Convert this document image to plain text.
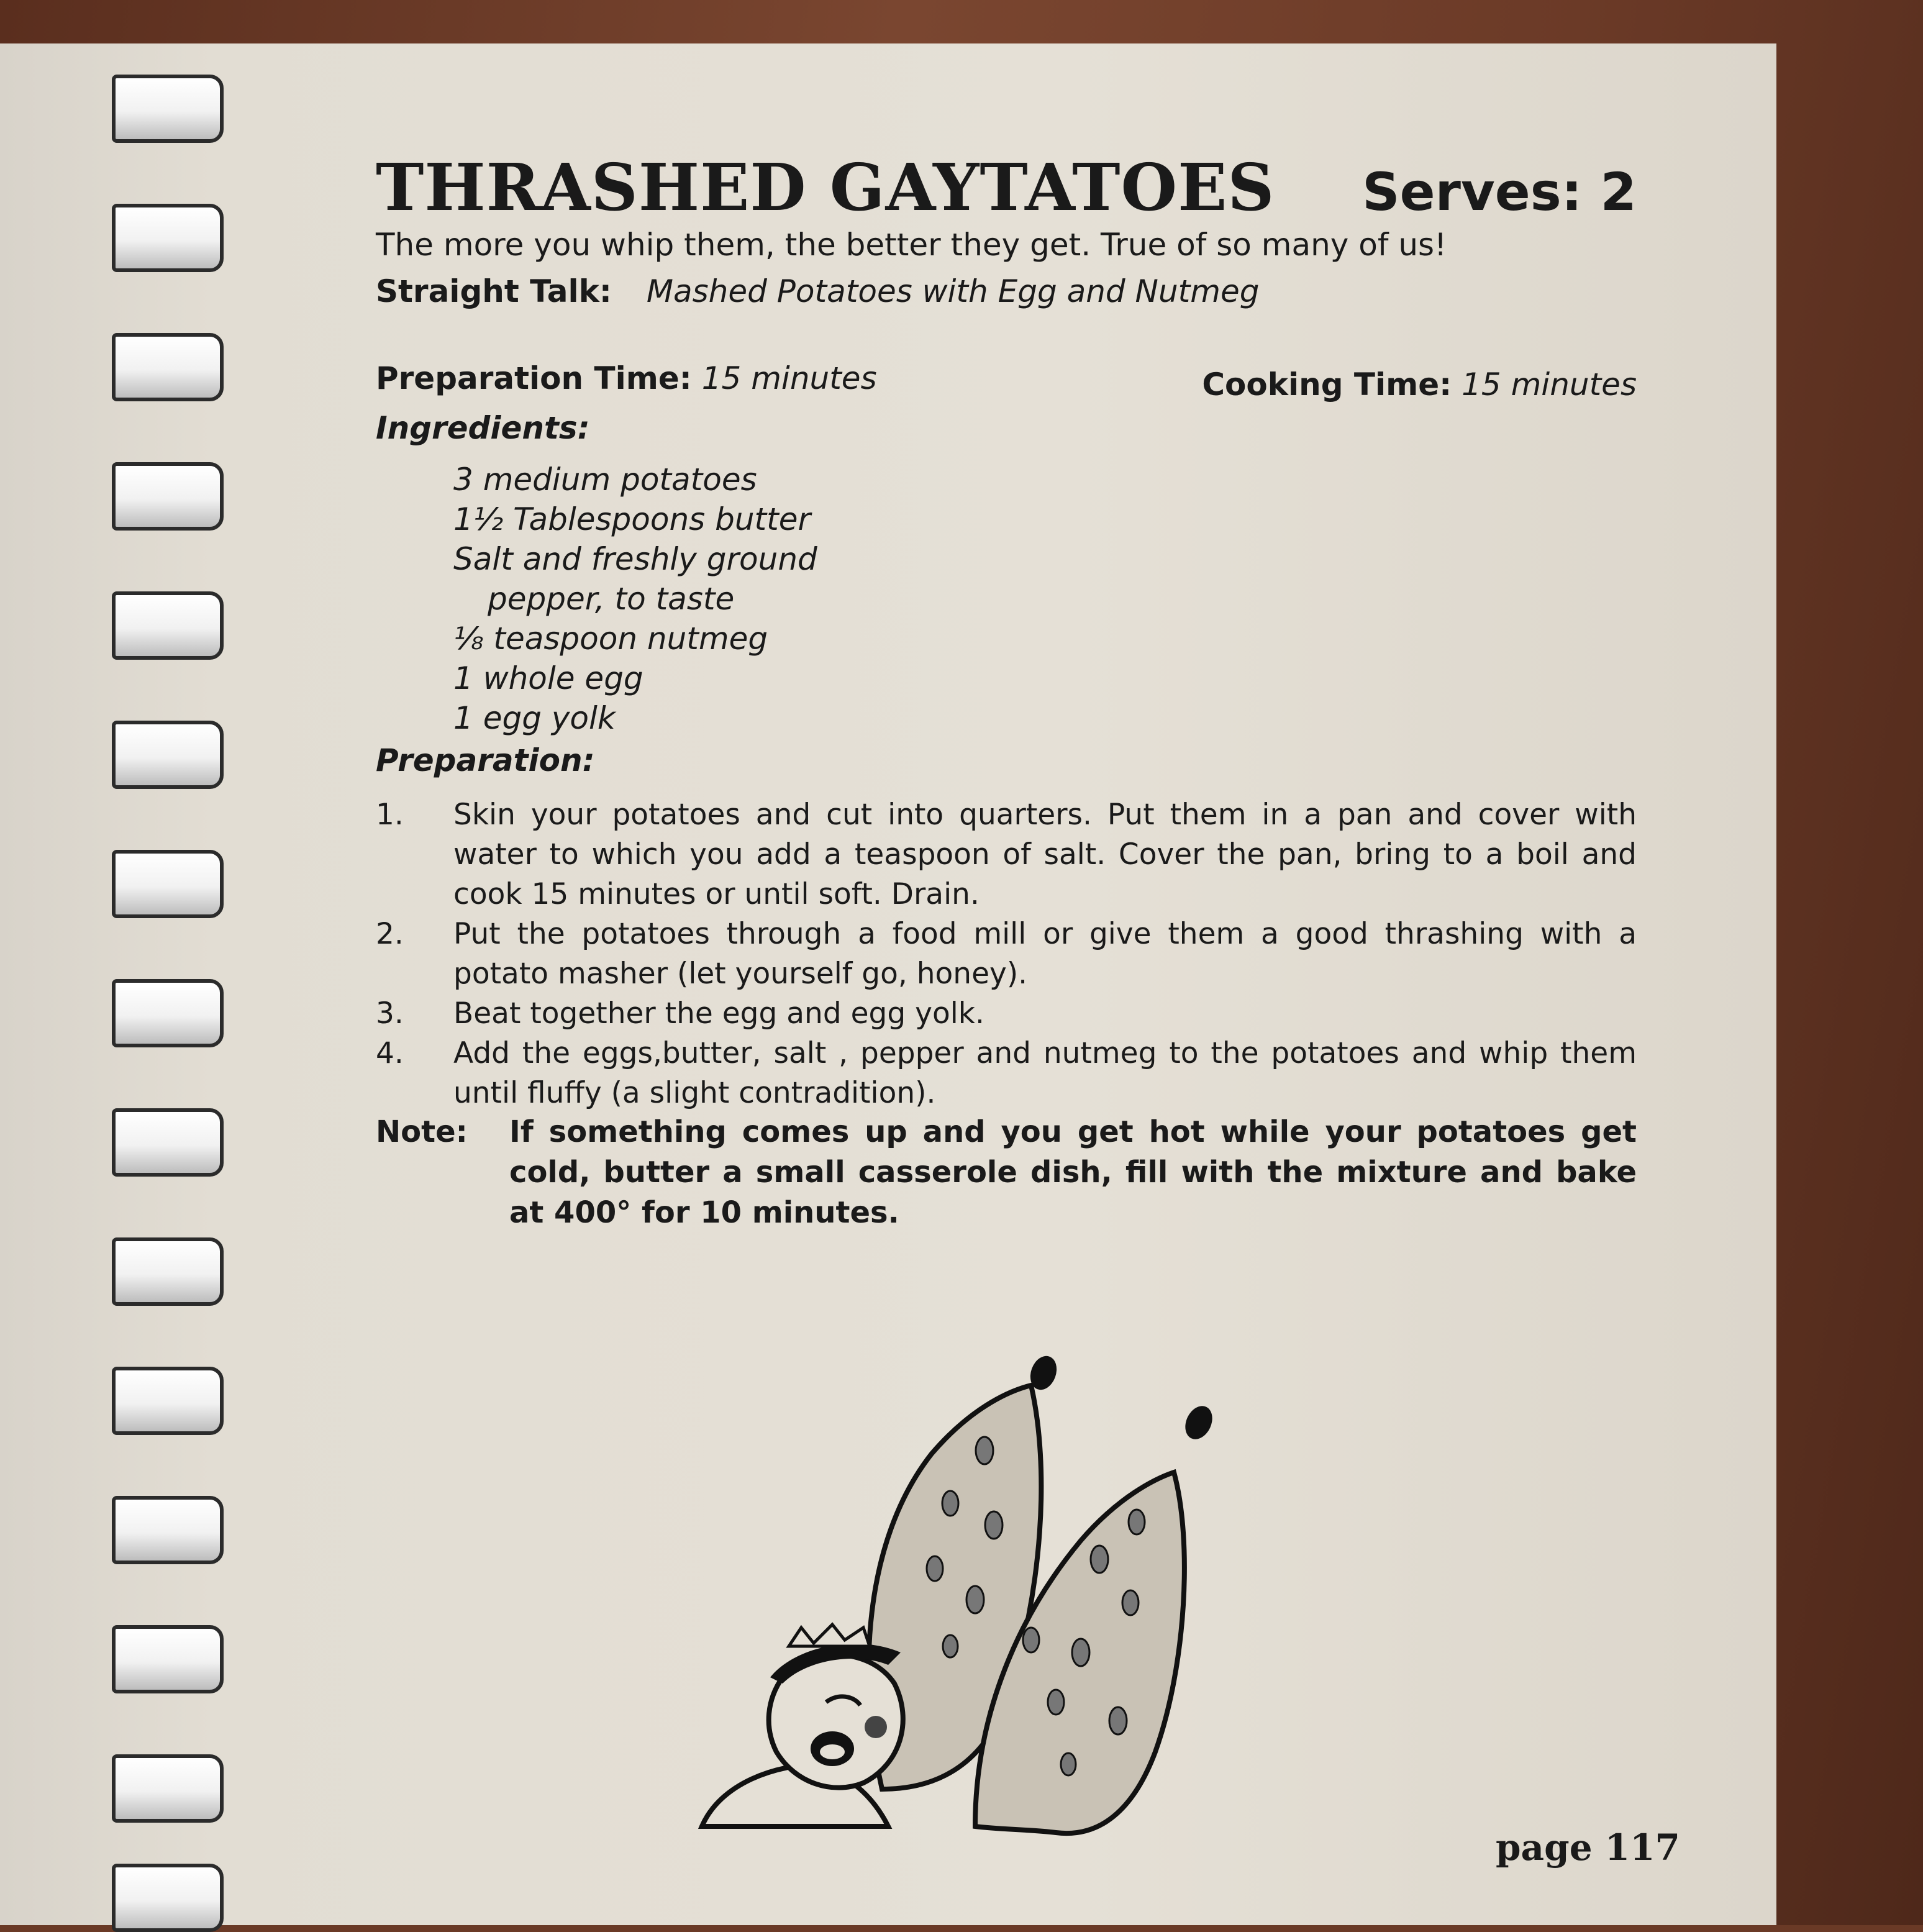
THRASHED GAYTATOES Serves: 2
The more you whip them, the better they get. True of so many of us!
Straight Talk: Mashed Potatoes with Egg and Nutmeg
Preparation Time: 15 minutes	Cooking Time: 15 minutes
Ingredients:
3 medium potatoes
1½ Tablespoons butter
Salt and freshly ground
pepper, to taste
⅛ teaspoon nutmeg
1 whole egg
1 egg yolk
Preparation:
1.	Skin your potatoes and cut into quarters. Put them in a pan and cover with water to which you add a teaspoon of salt. Cover the pan, bring to a boil and cook 15 minutes or until soft. Drain.
2.	Put the potatoes through a food mill or give them a good thrashing with a potato masher (let yourself go, honey).
3.	Beat together the egg and egg yolk.
4.	Add the eggs,butter, salt , pepper and nutmeg to the potatoes and whip them until fluffy (a slight contradition).
Note:	If something comes up and you get hot while your potatoes get cold, butter a small casserole dish, fill with the mixture and bake at 400° for 10 minutes.
page 117
